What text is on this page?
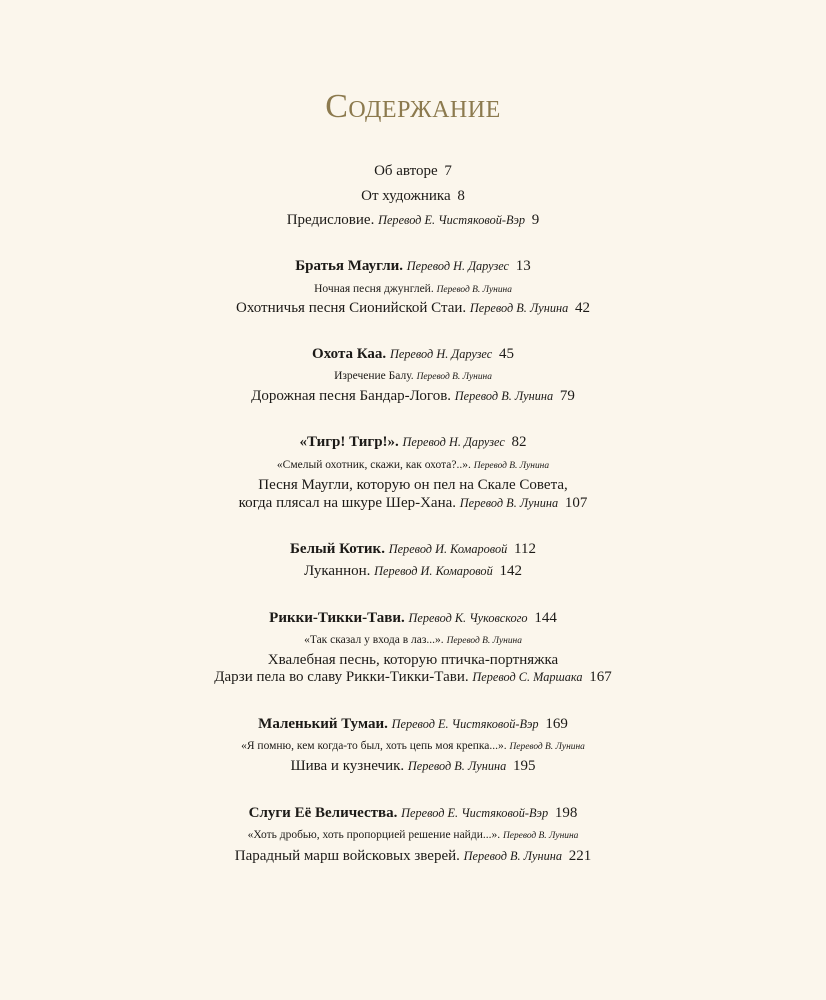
Содержание
Об авторе 7
От художника 8
Предисловие. Перевод Е. Чистяковой-Вэр 9
Братья Маугли. Перевод Н. Дарузес 13
Ночная песня джунглей. Перевод В. Лунина
Охотничья песня Сионийской Стаи. Перевод В. Лунина 42
Охота Каа. Перевод Н. Дарузес 45
Изречение Балу. Перевод В. Лунина
Дорожная песня Бандар-Логов. Перевод В. Лунина 79
«Тигр! Тигр!». Перевод Н. Дарузес 82
«Смелый охотник, скажи, как охота?..». Перевод В. Лунина
Песня Маугли, которую он пел на Скале Совета,
когда плясал на шкуре Шер-Хана. Перевод В. Лунина 107
Белый Котик. Перевод И. Комаровой 112
Луканнон. Перевод И. Комаровой 142
Рикки-Тикки-Тави. Перевод К. Чуковского 144
«Так сказал у входа в лаз...». Перевод В. Лунина
Хвалебная песнь, которую птичка-портняжка
Дарзи пела во славу Рикки-Тикки-Тави. Перевод С. Маршака 167
Маленький Тумаи. Перевод Е. Чистяковой-Вэр 169
«Я помню, кем когда-то был, хоть цепь моя крепка...». Перевод В. Лунина
Шива и кузнечик. Перевод В. Лунина 195
Слуги Её Величества. Перевод Е. Чистяковой-Вэр 198
«Хоть дробью, хоть пропорцией решение найди...». Перевод В. Лунина
Парадный марш войсковых зверей. Перевод В. Лунина 221
